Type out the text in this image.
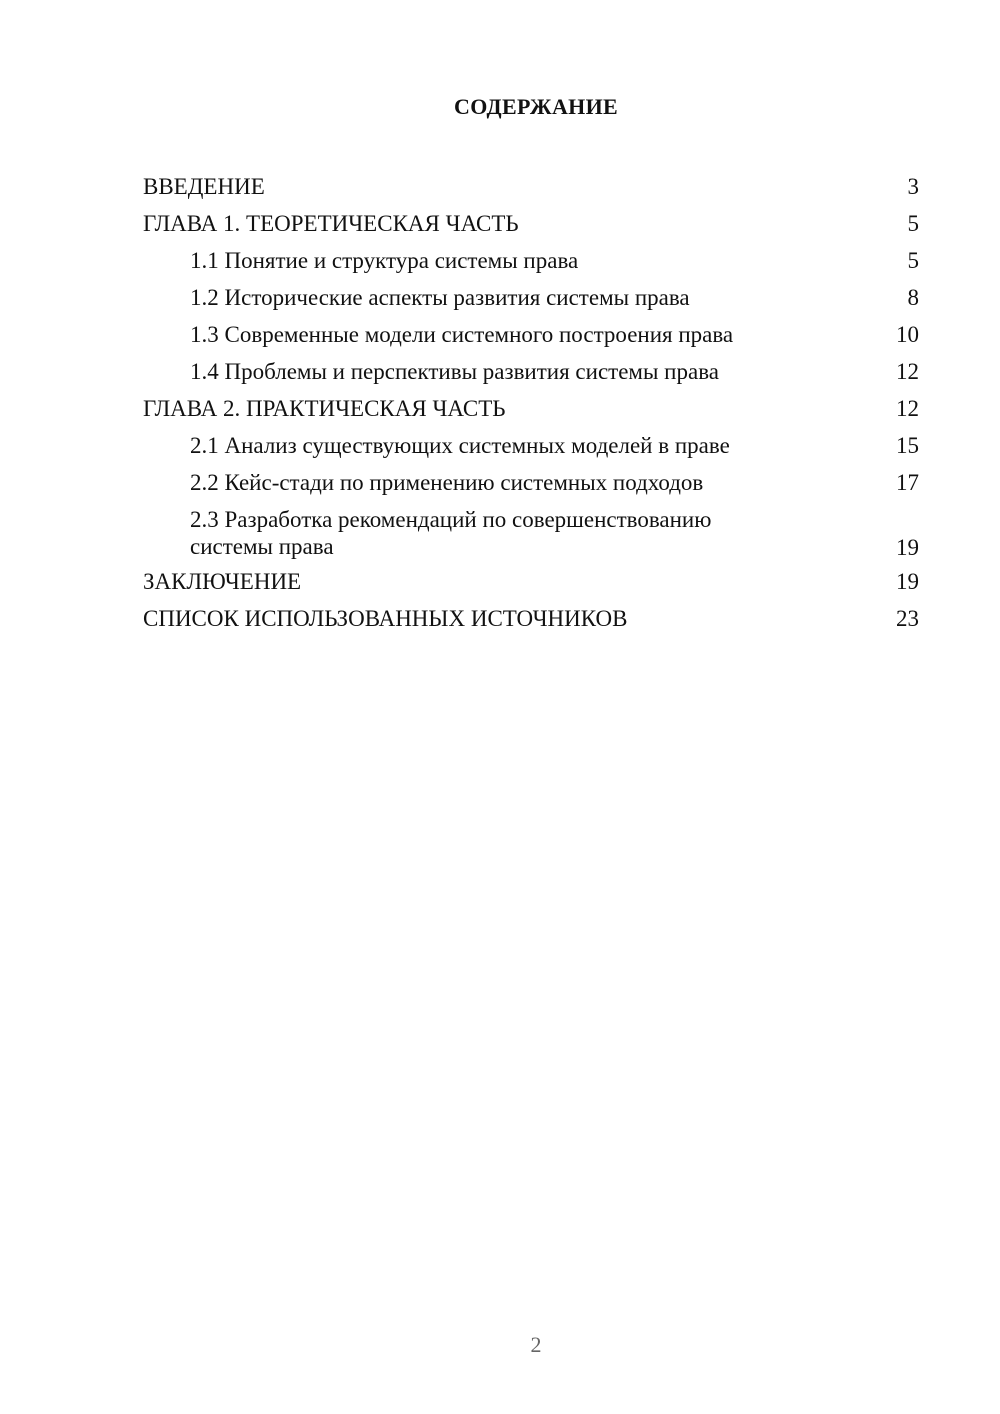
СОДЕРЖАНИЕ
ВВЕДЕНИЕ	3
ГЛАВА 1. ТЕОРЕТИЧЕСКАЯ ЧАСТЬ	5
1.1 Понятие и структура системы права	5
1.2 Исторические аспекты развития системы права	8
1.3 Современные модели системного построения права	10
1.4 Проблемы и перспективы развития системы права	12
ГЛАВА 2. ПРАКТИЧЕСКАЯ ЧАСТЬ	12
2.1 Анализ существующих системных моделей в праве	15
2.2 Кейс-стади по применению системных подходов	17
2.3 Разработка рекомендаций по совершенствованию системы права	19
ЗАКЛЮЧЕНИЕ	19
СПИСОК ИСПОЛЬЗОВАННЫХ ИСТОЧНИКОВ	23
2
